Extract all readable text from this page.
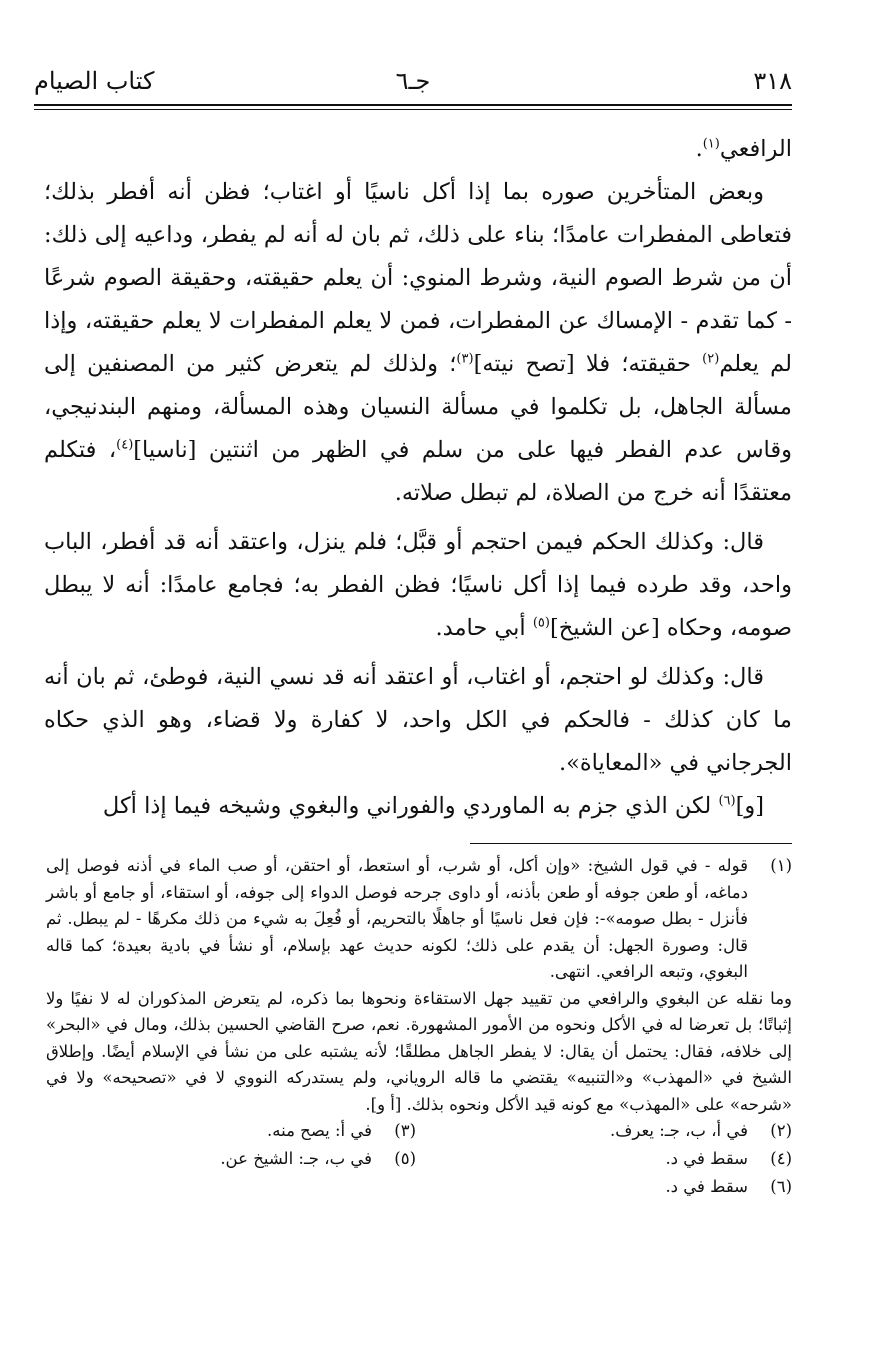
٣١٨
جـ٦
كتاب الصيام

الرافعي$^{(١)}$.

وبعض المتأخرين صوره بما إذا أكل ناسيًا أو اغتاب؛ فظن أنه أفطر بذلك؛ فتعاطى المفطرات عامدًا؛ بناء على ذلك، ثم بان له أنه لم يفطر، وداعيه إلى ذلك: أن من شرط الصوم النية، وشرط المنوي: أن يعلم حقيقته، وحقيقة الصوم شرعًا - كما تقدم - الإمساك عن المفطرات، فمن لا يعلم المفطرات لا يعلم حقيقته، وإذا لم يعلم$^{(٢)}$ حقيقته؛ فلا [تصح نيته]$^{(٣)}$؛ ولذلك لم يتعرض كثير من المصنفين إلى مسألة الجاهل، بل تكلموا في مسألة النسيان وهذه المسألة، ومنهم البندنيجي، وقاس عدم الفطر فيها على من سلم في الظهر من اثنتين [ناسيا]$^{(٤)}$، فتكلم معتقدًا أنه خرج من الصلاة، لم تبطل صلاته.

قال: وكذلك الحكم فيمن احتجم أو قبَّل؛ فلم ينزل، واعتقد أنه قد أفطر، الباب واحد، وقد طرده فيما إذا أكل ناسيًا؛ فظن الفطر به؛ فجامع عامدًا: أنه لا يبطل صومه، وحكاه [عن الشيخ]$^{(٥)}$ أبي حامد.

قال: وكذلك لو احتجم، أو اغتاب، أو اعتقد أنه قد نسي النية، فوطئ، ثم بان أنه ما كان كذلك - فالحكم في الكل واحد، لا كفارة ولا قضاء، وهو الذي حكاه الجرجاني في «المعاياة».

[و]$^{(٦)}$ لكن الذي جزم به الماوردي والفوراني والبغوي وشيخه فيما إذا أكل

(١)

قوله - في قول الشيخ: «وإن أكل، أو شرب، أو استعط، أو احتقن، أو صب الماء في أذنه فوصل إلى دماغه، أو طعن جوفه أو طعن بأذنه، أو داوى جرحه فوصل الدواء إلى جوفه، أو استقاء، أو جامع أو باشر فأنزل - بطل صومه»-: فإن فعل ناسيًا أو جاهلًا بالتحريم، أو فُعِلَ به شيء من ذلك مكرهًا - لم يبطل. ثم قال: وصورة الجهل: أن يقدم على ذلك؛ لكونه حديث عهد بإسلام، أو نشأ في بادية بعيدة؛ كما قاله البغوي، وتبعه الرافعي. انتهى.

وما نقله عن البغوي والرافعي من تقييد جهل الاستقاءة ونحوها بما ذكره، لم يتعرض المذكوران له لا نفيًا ولا إثباتًا؛ بل تعرضا له في الأكل ونحوه من الأمور المشهورة. نعم، صرح القاضي الحسين بذلك، ومال في «البحر» إلى خلافه، فقال: يحتمل أن يقال: لا يفطر الجاهل مطلقًا؛ لأنه يشتبه على من نشأ في الإسلام أيضًا. وإطلاق الشيخ في «المهذب» و«التنبيه» يقتضي ما قاله الروياني، ولم يستدركه النووي لا في «تصحيحه» ولا في «شرحه» على «المهذب» مع كونه قيد الأكل ونحوه بذلك. [أ و].

(٢)في أ، ب، جـ: يعرف.
(٣)في أ: يصح منه.
(٤)سقط في د.
(٥)في ب، جـ: الشيخ عن.
(٦)سقط في د.
